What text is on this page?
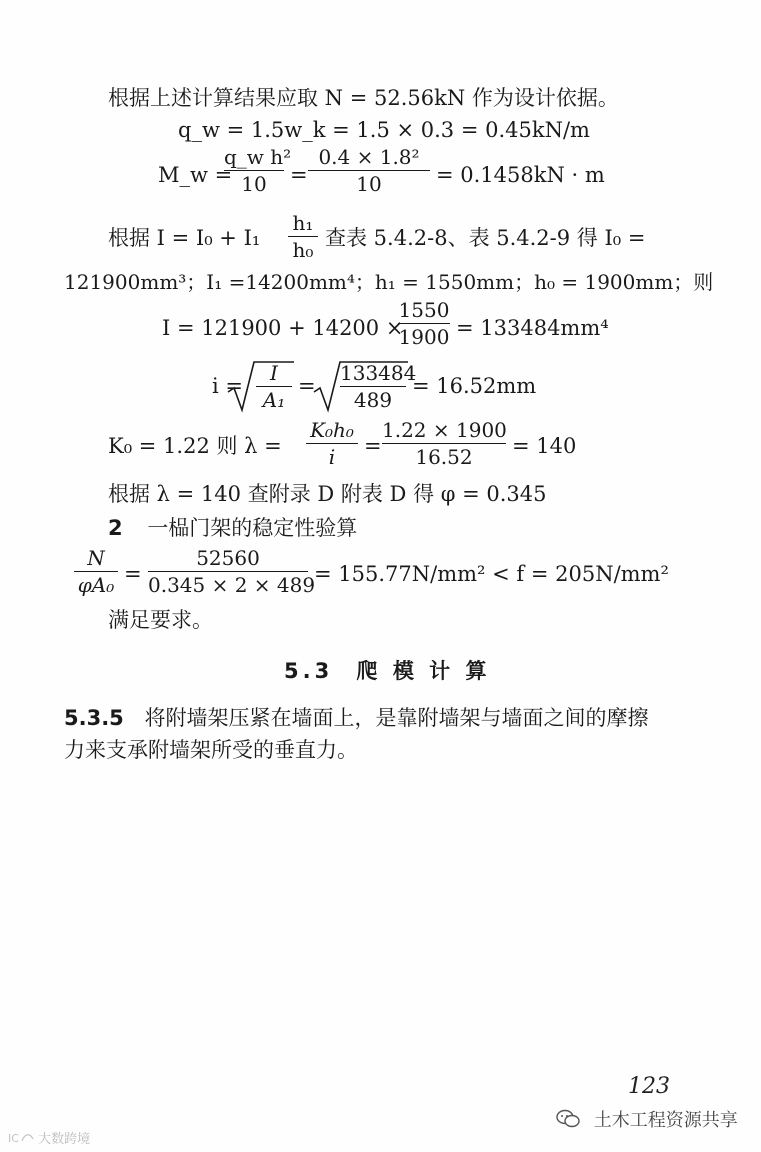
根据上述计算结果应取 N = 52.56kN 作为设计依据。
q_w = 1.5w_k = 1.5 × 0.3 = 0.45kN/m
M_w =
q_w h²
10	=
0.4 × 1.8²
10	= 0.1458kN · m
根据 I = I₀ + I₁
h₁
h₀ 查表 5.4.2-8、表 5.4.2-9 得 I₀ =
121900mm³；I₁ =14200mm⁴；h₁ = 1550mm；h₀ = 1900mm；则
I = 121900 + 14200 ×
1550
1900 = 133484mm⁴
i =
I
A₁
=
133484
489
= 16.52mm
K₀ = 1.22 则 λ =
K₀h₀
i	=
1.22 × 1900
16.52	= 140
根据 λ = 140 查附录 D 附表 D 得 φ = 0.345
2 一榀门架的稳定性验算
N
φA₀ =
52560
0.345 × 2 × 489
= 155.77N/mm² < f = 205N/mm²
满足要求。
5.3 爬 模 计 算
5.3.5 将附墙架压紧在墙面上，是靠附墙架与墙面之间的摩擦
力来支承附墙架所受的垂直力。
123
土木工程资源共享
IC 大数跨境
